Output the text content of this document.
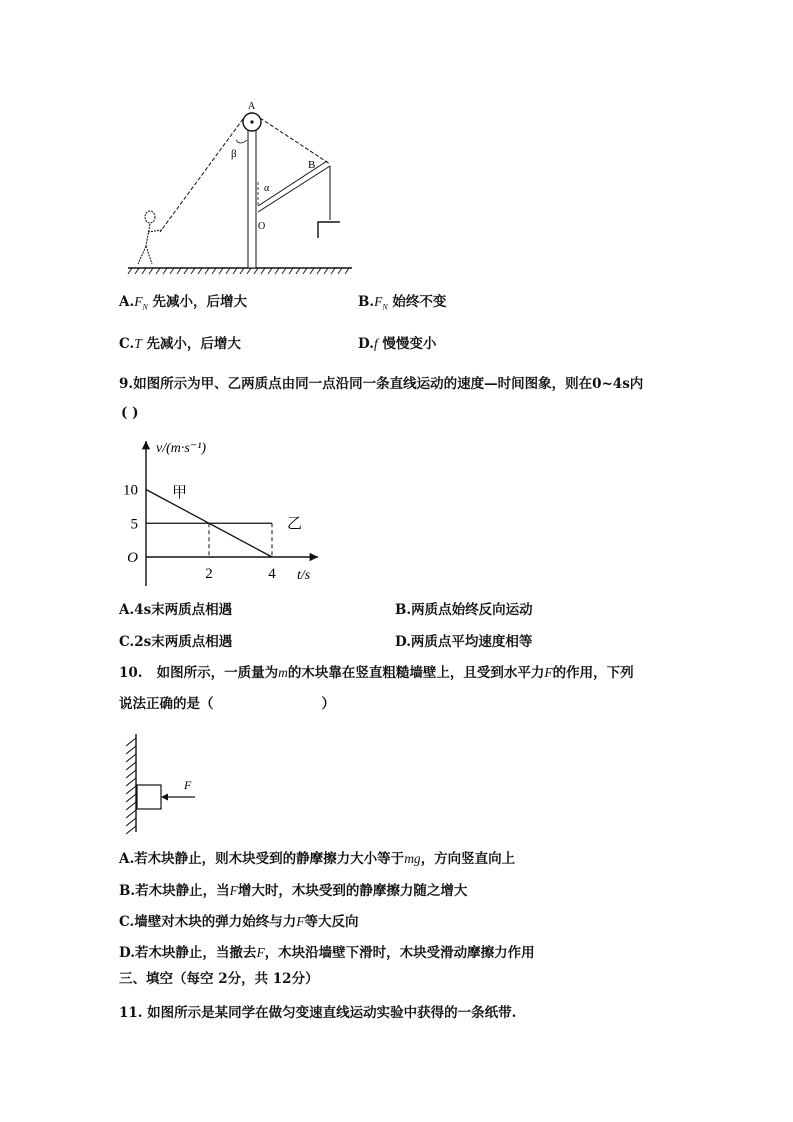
A
B
O
α
β
$A.F_N$ 先减小，后增大	$B.F_N$ 始终不变
C.T 先减小，后增大	D.f 慢慢变小
9.如图所示为甲、乙两质点由同一点沿同一条直线运动的速度—时间图象，则在0~4s内
( )
10
5
O
2	4
v/(m·s⁻¹)
t/s
甲
乙
A.4s末两质点相遇	B.两质点始终反向运动
C.2s末两质点相遇	D.两质点平均速度相等
10. 如图所示，一质量为m的木块靠在竖直粗糙墙壁上，且受到水平力F的作用，下列
说法正确的是（	）
F
A.若木块静止，则木块受到的静摩擦力大小等于mg，方向竖直向上
B.若木块静止，当F增大时，木块受到的静摩擦力随之增大
C.墙壁对木块的弹力始终与力F等大反向
D.若木块静止，当撤去F，木块沿墙壁下滑时，木块受滑动摩擦力作用
三、填空（每空 2分，共 12分）
11. 如图所示是某同学在做匀变速直线运动实验中获得的一条纸带.
